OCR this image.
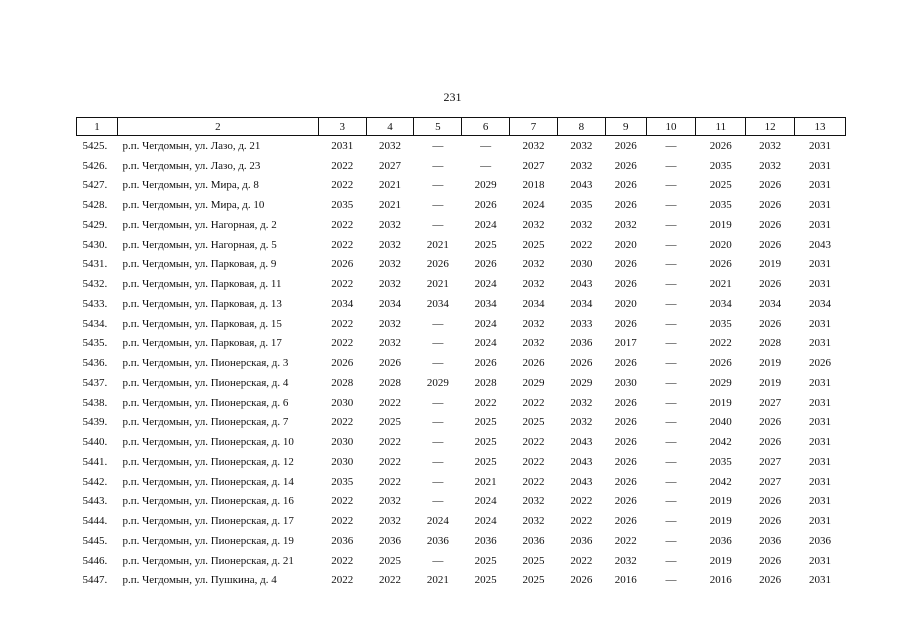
231
1	2	3	4	5	6	7	8	9	10	11	12	13
5425.	р.п. Чегдомын, ул. Лазо, д. 21	2031	2032	—	—	2032	2032	2026	—	2026	2032	2031
5426.	р.п. Чегдомын, ул. Лазо, д. 23	2022	2027	—	—	2027	2032	2026	—	2035	2032	2031
5427.	р.п. Чегдомын, ул. Мира, д. 8	2022	2021	—	2029	2018	2043	2026	—	2025	2026	2031
5428.	р.п. Чегдомын, ул. Мира, д. 10	2035	2021	—	2026	2024	2035	2026	—	2035	2026	2031
5429.	р.п. Чегдомын, ул. Нагорная, д. 2	2022	2032	—	2024	2032	2032	2032	—	2019	2026	2031
5430.	р.п. Чегдомын, ул. Нагорная, д. 5	2022	2032	2021	2025	2025	2022	2020	—	2020	2026	2043
5431.	р.п. Чегдомын, ул. Парковая, д. 9	2026	2032	2026	2026	2032	2030	2026	—	2026	2019	2031
5432.	р.п. Чегдомын, ул. Парковая, д. 11	2022	2032	2021	2024	2032	2043	2026	—	2021	2026	2031
5433.	р.п. Чегдомын, ул. Парковая, д. 13	2034	2034	2034	2034	2034	2034	2020	—	2034	2034	2034
5434.	р.п. Чегдомын, ул. Парковая, д. 15	2022	2032	—	2024	2032	2033	2026	—	2035	2026	2031
5435.	р.п. Чегдомын, ул. Парковая, д. 17	2022	2032	—	2024	2032	2036	2017	—	2022	2028	2031
5436.	р.п. Чегдомын, ул. Пионерская, д. 3	2026	2026	—	2026	2026	2026	2026	—	2026	2019	2026
5437.	р.п. Чегдомын, ул. Пионерская, д. 4	2028	2028	2029	2028	2029	2029	2030	—	2029	2019	2031
5438.	р.п. Чегдомын, ул. Пионерская, д. 6	2030	2022	—	2022	2022	2032	2026	—	2019	2027	2031
5439.	р.п. Чегдомын, ул. Пионерская, д. 7	2022	2025	—	2025	2025	2032	2026	—	2040	2026	2031
5440.	р.п. Чегдомын, ул. Пионерская, д. 10	2030	2022	—	2025	2022	2043	2026	—	2042	2026	2031
5441.	р.п. Чегдомын, ул. Пионерская, д. 12	2030	2022	—	2025	2022	2043	2026	—	2035	2027	2031
5442.	р.п. Чегдомын, ул. Пионерская, д. 14	2035	2022	—	2021	2022	2043	2026	—	2042	2027	2031
5443.	р.п. Чегдомын, ул. Пионерская, д. 16	2022	2032	—	2024	2032	2022	2026	—	2019	2026	2031
5444.	р.п. Чегдомын, ул. Пионерская, д. 17	2022	2032	2024	2024	2032	2022	2026	—	2019	2026	2031
5445.	р.п. Чегдомын, ул. Пионерская, д. 19	2036	2036	2036	2036	2036	2036	2022	—	2036	2036	2036
5446.	р.п. Чегдомын, ул. Пионерская, д. 21	2022	2025	—	2025	2025	2022	2032	—	2019	2026	2031
5447.	р.п. Чегдомын, ул. Пушкина, д. 4	2022	2022	2021	2025	2025	2026	2016	—	2016	2026	2031
